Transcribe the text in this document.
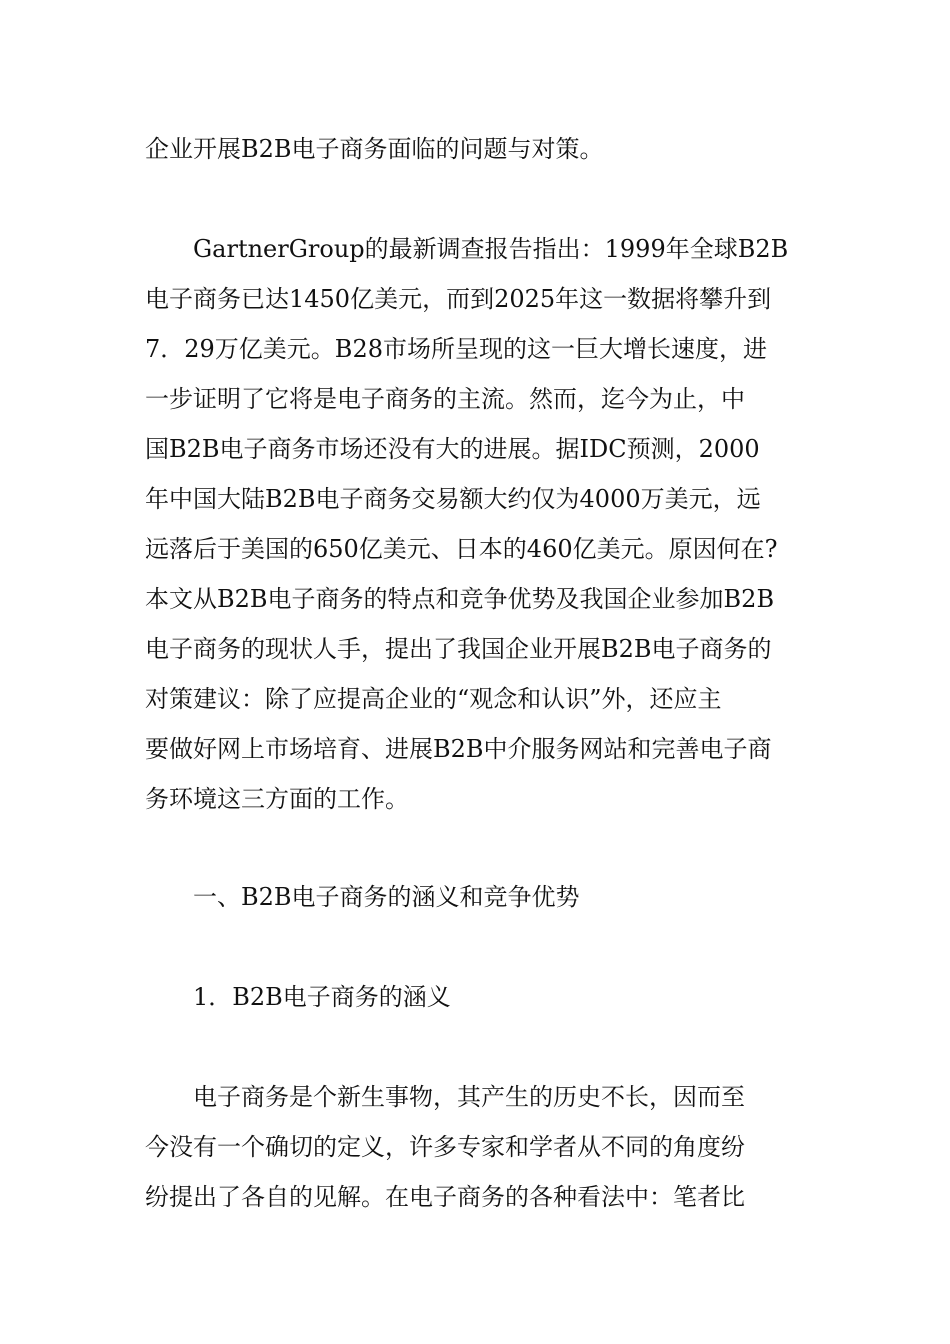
企业开展B2B电子商务面临的问题与对策。
GartnerGroup的最新调查报告指出：1999年全球B2B
电子商务已达1450亿美元，而到2025年这一数据将攀升到
7．29万亿美元。B28市场所呈现的这一巨大增长速度，进
一步证明了它将是电子商务的主流。然而，迄今为止，中
国B2B电子商务市场还没有大的进展。据IDC预测，2000
年中国大陆B2B电子商务交易额大约仅为4000万美元，远
远落后于美国的650亿美元、日本的460亿美元。原因何在?
本文从B2B电子商务的特点和竞争优势及我国企业参加B2B
电子商务的现状人手，提出了我国企业开展B2B电子商务的
对策建议：除了应提高企业的“观念和认识”外，还应主
要做好网上市场培育、进展B2B中介服务网站和完善电子商
务环境这三方面的工作。
一、B2B电子商务的涵义和竞争优势
1．B2B电子商务的涵义
电子商务是个新生事物，其产生的历史不长，因而至
今没有一个确切的定义，许多专家和学者从不同的角度纷
纷提出了各自的见解。在电子商务的各种看法中：笔者比
